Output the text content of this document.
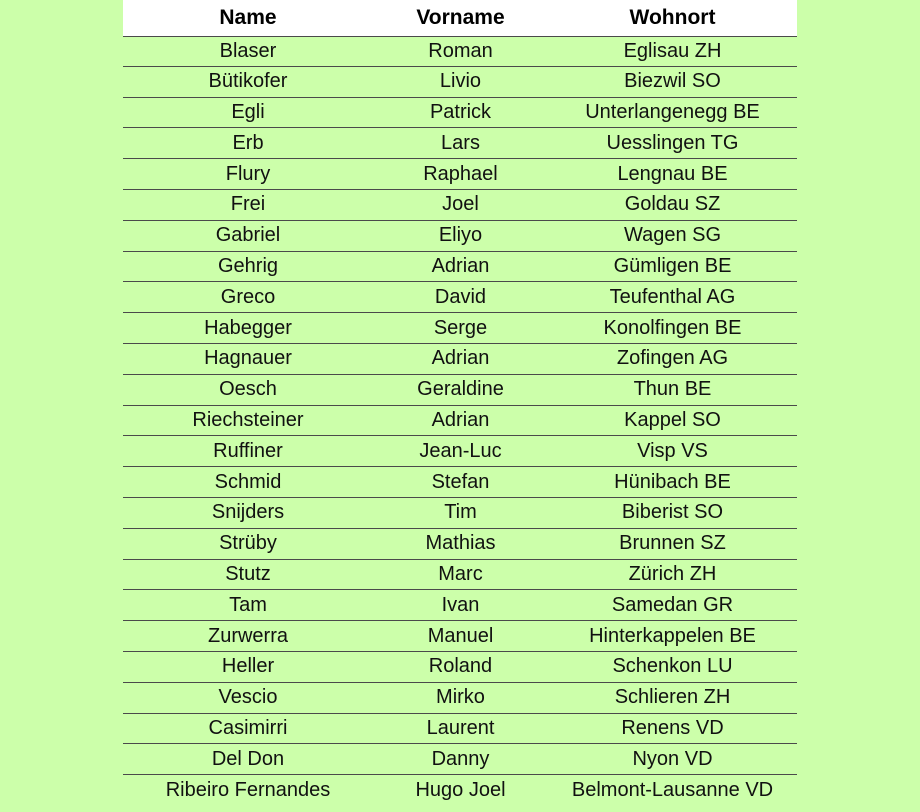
Name	Vorname	Wohnort
Blaser	Roman	Eglisau ZH
Bütikofer	Livio	Biezwil SO
Egli	Patrick	Unterlangenegg BE
Erb	Lars	Uesslingen TG
Flury	Raphael	Lengnau BE
Frei	Joel	Goldau SZ
Gabriel	Eliyo	Wagen SG
Gehrig	Adrian	Gümligen BE
Greco	David	Teufenthal AG
Habegger	Serge	Konolfingen BE
Hagnauer	Adrian	Zofingen AG
Oesch	Geraldine	Thun BE
Riechsteiner	Adrian	Kappel SO
Ruffiner	Jean-Luc	Visp VS
Schmid	Stefan	Hünibach BE
Snijders	Tim	Biberist SO
Strüby	Mathias	Brunnen SZ
Stutz	Marc	Zürich ZH
Tam	Ivan	Samedan GR
Zurwerra	Manuel	Hinterkappelen BE
Heller	Roland	Schenkon LU
Vescio	Mirko	Schlieren ZH
Casimirri	Laurent	Renens VD
Del Don	Danny	Nyon VD
Ribeiro Fernandes	Hugo Joel	Belmont-Lausanne VD
